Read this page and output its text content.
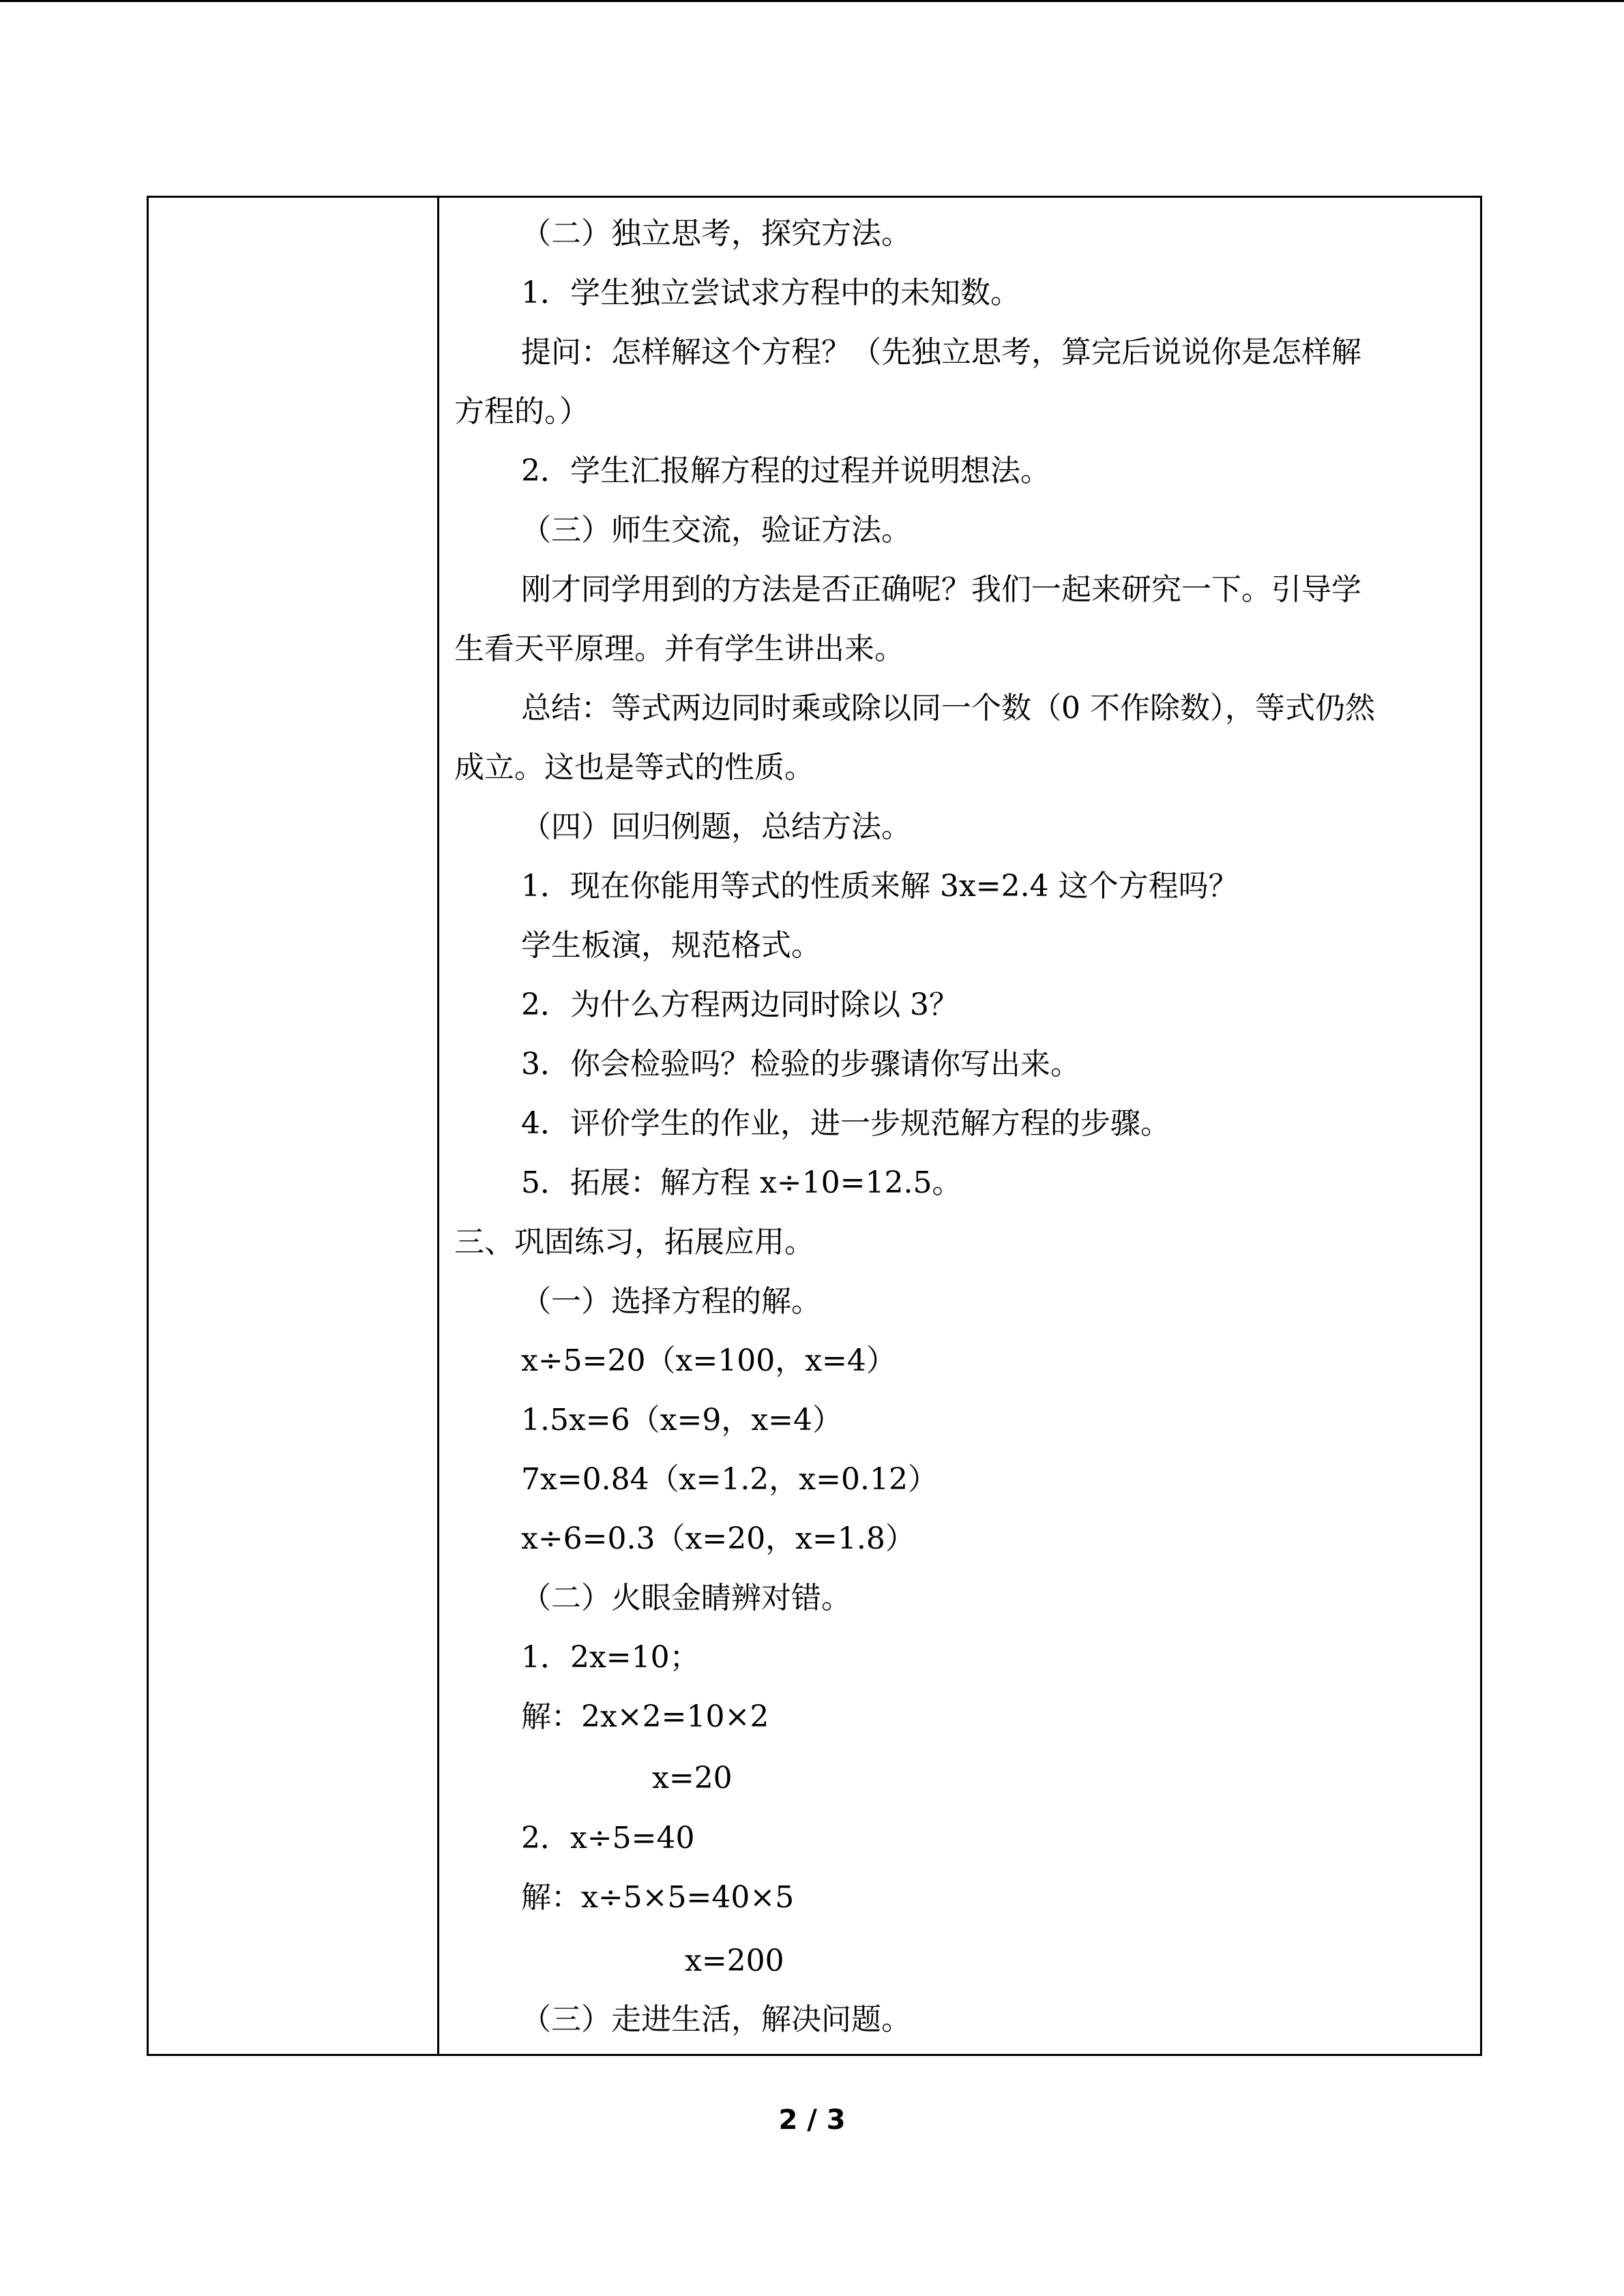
（二）独立思考，探究方法。
1．学生独立尝试求方程中的未知数。
提问：怎样解这个方程？（先独立思考，算完后说说你是怎样解
方程的。）
2．学生汇报解方程的过程并说明想法。
（三）师生交流，验证方法。
刚才同学用到的方法是否正确呢？我们一起来研究一下。引导学
生看天平原理。并有学生讲出来。
总结：等式两边同时乘或除以同一个数（0 不作除数），等式仍然
成立。这也是等式的性质。
（四）回归例题，总结方法。
1．现在你能用等式的性质来解 3x=2.4 这个方程吗？
学生板演，规范格式。
2．为什么方程两边同时除以 3？
3．你会检验吗？检验的步骤请你写出来。
4．评价学生的作业，进一步规范解方程的步骤。
5．拓展：解方程 x÷10=12.5。
三、巩固练习，拓展应用。
（一）选择方程的解。
x÷5=20（x=100，x=4）
1.5x=6（x=9，x=4）
7x=0.84（x=1.2，x=0.12）
x÷6=0.3（x=20，x=1.8）
（二）火眼金睛辨对错。
1．2x=10；
解：2x×2=10×2
x=20
2．x÷5=40
解：x÷5×5=40×5
x=200
（三）走进生活，解决问题。
2 / 3
